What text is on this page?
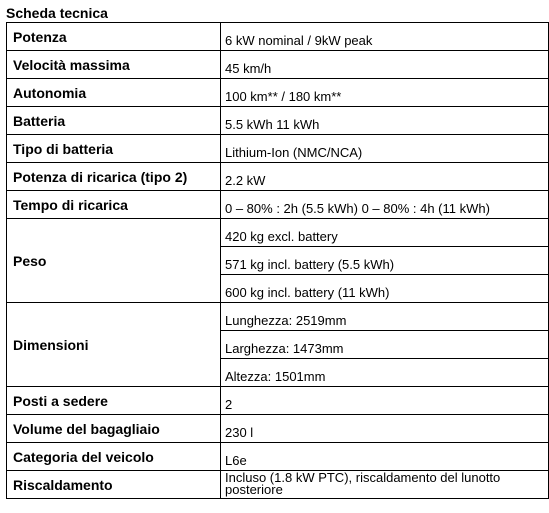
Scheda tecnica
Potenza	6 kW nominal / 9kW peak
Velocità massima	45 km/h
Autonomia	100 km** / 180 km**
Batteria	5.5 kWh 11 kWh
Tipo di batteria	Lithium-Ion (NMC/NCA)
Potenza di ricarica (tipo 2)	2.2 kW
Tempo di ricarica	0 – 80% : 2h (5.5 kWh) 0 – 80% : 4h (11 kWh)
Peso	420 kg excl. battery
	571 kg incl. battery (5.5 kWh)
	600 kg incl. battery (11 kWh)
Dimensioni	Lunghezza: 2519mm
	Larghezza: 1473mm
	Altezza: 1501mm
Posti a sedere	2
Volume del bagagliaio	230 l
Categoria del veicolo	L6e
Riscaldamento	Incluso (1.8 kW PTC), riscaldamento del lunotto posteriore
